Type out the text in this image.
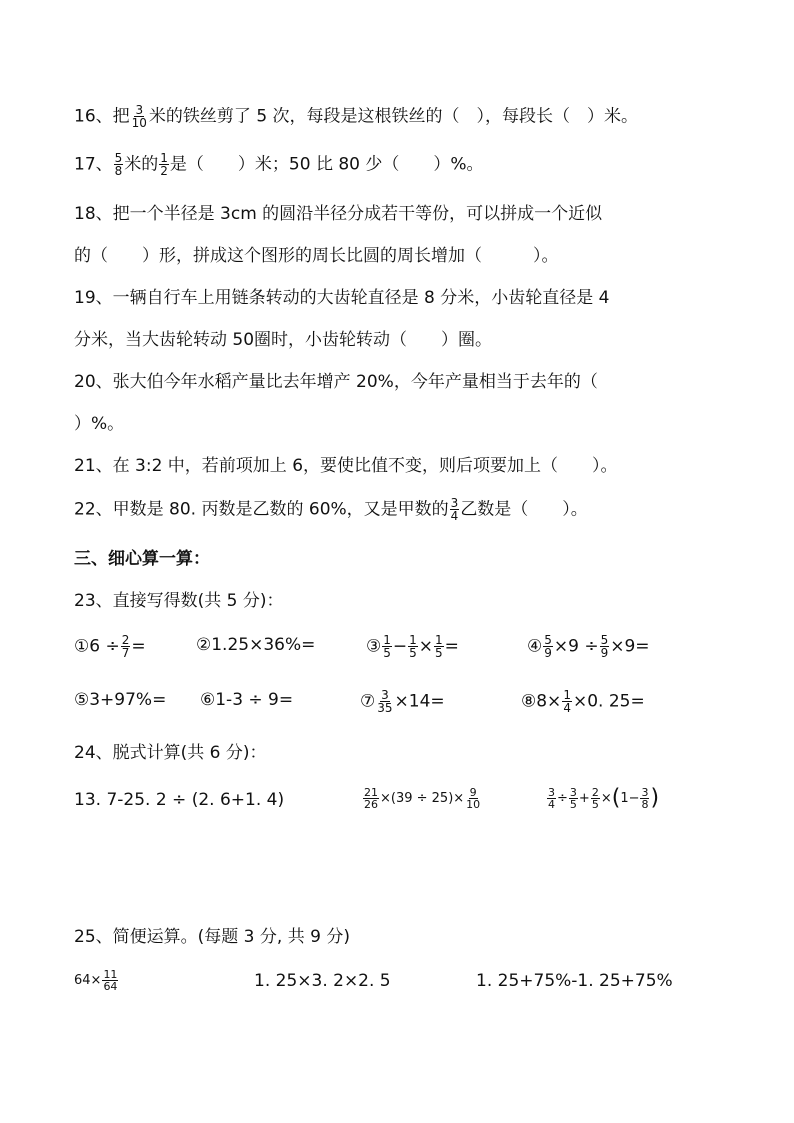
16、把 $\frac{3}{10}$ 米的铁丝剪了 5 次，每段是这根铁丝的（　），每段长（　）米。
17、 $\frac{5}{8}$ 米的 $\frac{1}{2}$ 是（　　）米；50 比 80 少（　　）%。
18、把一个半径是 3cm 的圆沿半径分成若干等份，可以拼成一个近似
的（　　）形，拼成这个图形的周长比圆的周长增加（　　　）。
19、一辆自行车上用链条转动的大齿轮直径是 8 分米，小齿轮直径是 4
分米，当大齿轮转动 50圈时，小齿轮转动（　　）圈。
20、张大伯今年水稻产量比去年增产 20%，今年产量相当于去年的（
）%。
21、在 3:2 中，若前项加上 6，要使比值不变，则后项要加上（　　）。
22、甲数是 80. 丙数是乙数的 60%，又是甲数的 $\frac{3}{4}$ 乙数是（　　）。
三、细心算一算：
23、直接写得数(共 5 分)：
①6 ÷ $\frac{2}{7}$ =	②1.25×36%=	③ $\frac{1}{5} - \frac{1}{5} \times \frac{1}{5}$ =	④ $\frac{5}{9} \times 9 \div \frac{5}{9} \times 9=$
⑤3+97%= ⑥1-3 ÷ 9=	⑦ $\frac{3}{35} \times 14=$	⑧8× $\frac{1}{4} \times 0$. 25=
24、脱式计算(共 6 分)：
13. 7-25. 2 ÷ (2. 6+1. 4)	$\frac{21}{26} \times(39 \div 25)\times \frac{9}{10}$	$\frac{3}{4} \div \frac{3}{5} + \frac{2}{5} \times(1- \frac{3}{8}$ )
25、简便运算。(每题 3 分, 共 9 分)
$64\times \frac{11}{64}$	1. 25×3. 2×2. 5	1. 25+75%-1. 25+75%
